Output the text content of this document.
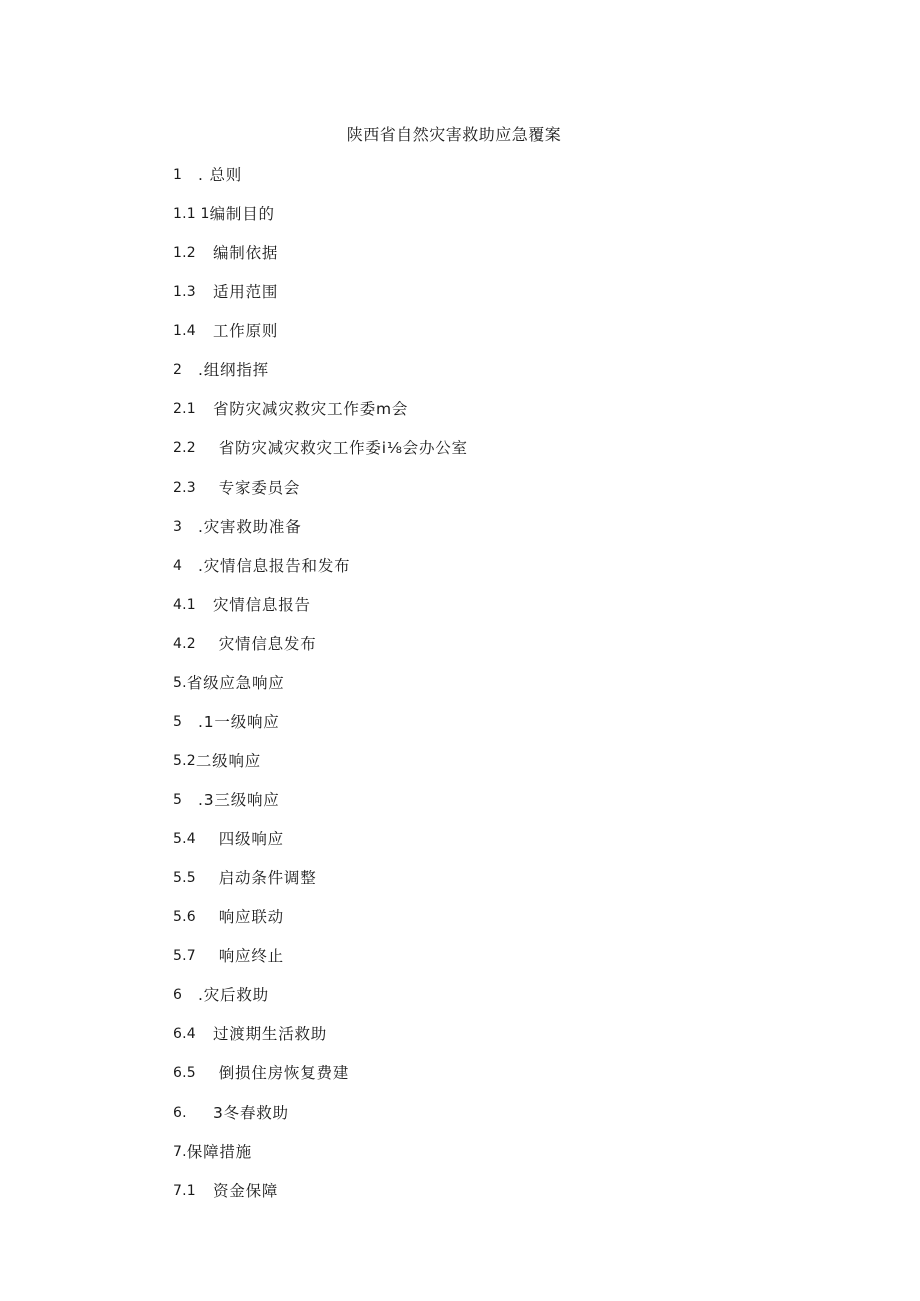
陕西省自然灾害救助应急覆案
1	. 总则
1.1 1 编制目的
1.2	编制依据
1.3	适用范围
1.4	工作原则
2	.组纲指挥
2.1	省防灾减灾救灾工作委m会
2.2	省防灾减灾救灾工作委i⅛会办公室
2.3	专家委员会
3	.灾害救助准备
4	.灾情信息报告和发布
4.1	灾情信息报告
4.2	灾情信息发布
5. 省级应急响应
5	.1一级响应
5.2 二级响应
5	.3三级响应
5.4	四级响应
5.5	启动条件调整
5.6	响应联动
5.7	响应终止
6	.灾后救助
6.4	过渡期生活救助
6.5	倒损住房恢复费建
6.	3冬春救助
7. 保障措施
7.1	资金保障
